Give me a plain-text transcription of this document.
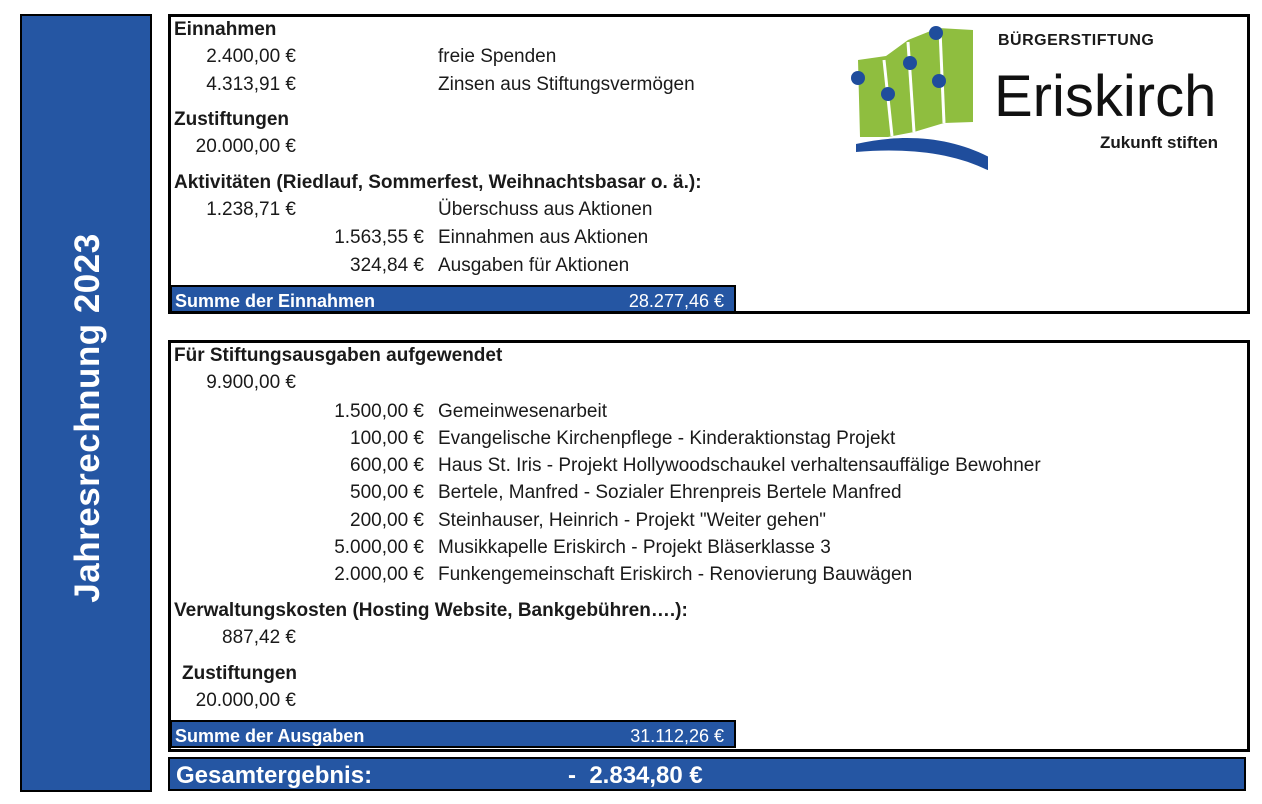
Jahresrechnung 2023
Einnahmen
2.400,00 €	freie Spenden
4.313,91 €	Zinsen aus Stiftungsvermögen
Zustiftungen
20.000,00 €
Aktivitäten (Riedlauf, Sommerfest, Weihnachtsbasar o. ä.):
1.238,71 €	Überschuss aus Aktionen
1.563,55 € Einnahmen aus Aktionen
324,84 € Ausgaben für Aktionen
Summe der Einnahmen	28.277,46 €
BÜRGERSTIFTUNG
Eriskirch
Zukunft stiften
Für Stiftungsausgaben aufgewendet
9.900,00 €
1.500,00 € Gemeinwesenarbeit
100,00 € Evangelische Kirchenpflege - Kinderaktionstag Projekt
600,00 € Haus St. Iris - Projekt Hollywoodschaukel verhaltensauffälige Bewohner
500,00 € Bertele, Manfred - Sozialer Ehrenpreis Bertele Manfred
200,00 € Steinhauser, Heinrich - Projekt "Weiter gehen"
5.000,00 € Musikkapelle Eriskirch - Projekt Bläserklasse 3
2.000,00 € Funkengemeinschaft Eriskirch - Renovierung Bauwägen
Verwaltungskosten (Hosting Website, Bankgebühren….):
887,42 €
Zustiftungen
20.000,00 €
Summe der Ausgaben	31.112,26 €
Gesamtergebnis:	-  2.834,80 €
